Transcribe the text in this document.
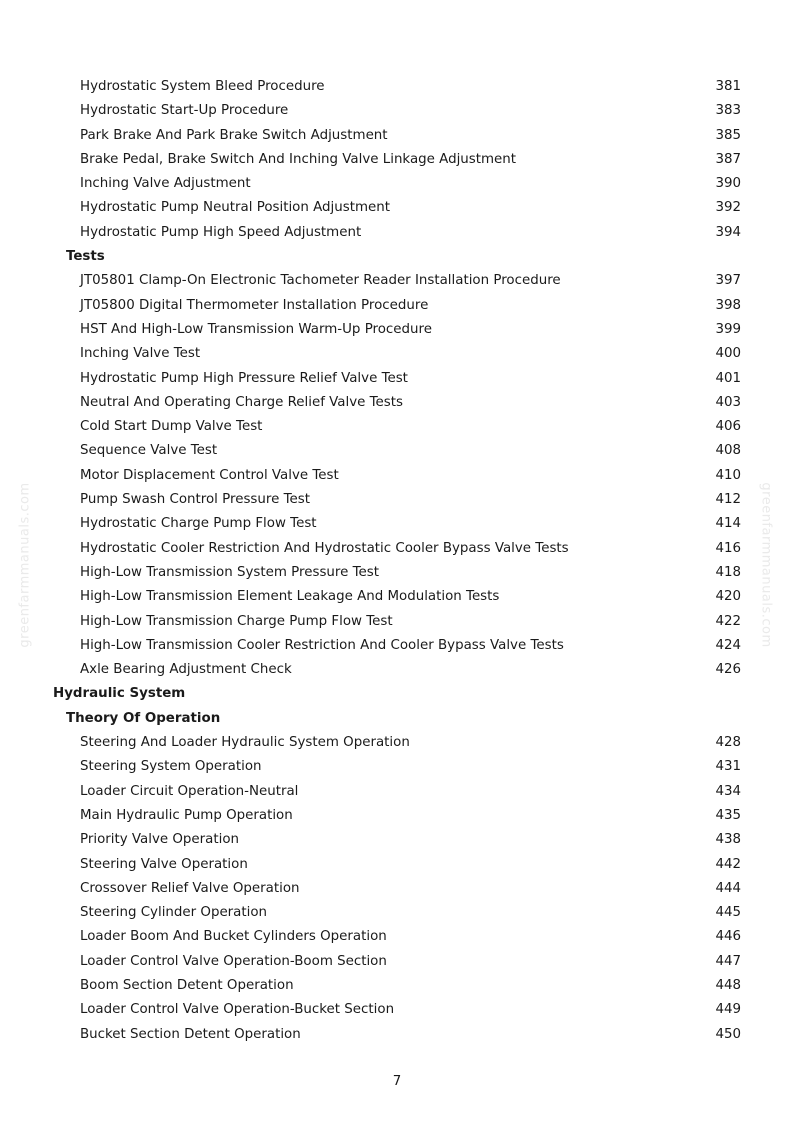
greenfarmmanuals.com	greenfarmmanuals.com
Hydrostatic System Bleed Procedure	381
Hydrostatic Start-Up Procedure	383
Park Brake And Park Brake Switch Adjustment	385
Brake Pedal, Brake Switch And Inching Valve Linkage Adjustment	387
Inching Valve Adjustment	390
Hydrostatic Pump Neutral Position Adjustment	392
Hydrostatic Pump High Speed Adjustment	394
Tests
JT05801 Clamp-On Electronic Tachometer Reader Installation Procedure	397
JT05800 Digital Thermometer Installation Procedure	398
HST And High-Low Transmission Warm-Up Procedure	399
Inching Valve Test	400
Hydrostatic Pump High Pressure Relief Valve Test	401
Neutral And Operating Charge Relief Valve Tests	403
Cold Start Dump Valve Test	406
Sequence Valve Test	408
Motor Displacement Control Valve Test	410
Pump Swash Control Pressure Test	412
Hydrostatic Charge Pump Flow Test	414
Hydrostatic Cooler Restriction And Hydrostatic Cooler Bypass Valve Tests	416
High-Low Transmission System Pressure Test	418
High-Low Transmission Element Leakage And Modulation Tests	420
High-Low Transmission Charge Pump Flow Test	422
High-Low Transmission Cooler Restriction And Cooler Bypass Valve Tests	424
Axle Bearing Adjustment Check	426
Hydraulic System
Theory Of Operation
Steering And Loader Hydraulic System Operation	428
Steering System Operation	431
Loader Circuit Operation-Neutral	434
Main Hydraulic Pump Operation	435
Priority Valve Operation	438
Steering Valve Operation	442
Crossover Relief Valve Operation	444
Steering Cylinder Operation	445
Loader Boom And Bucket Cylinders Operation	446
Loader Control Valve Operation-Boom Section	447
Boom Section Detent Operation	448
Loader Control Valve Operation-Bucket Section	449
Bucket Section Detent Operation	450
7
